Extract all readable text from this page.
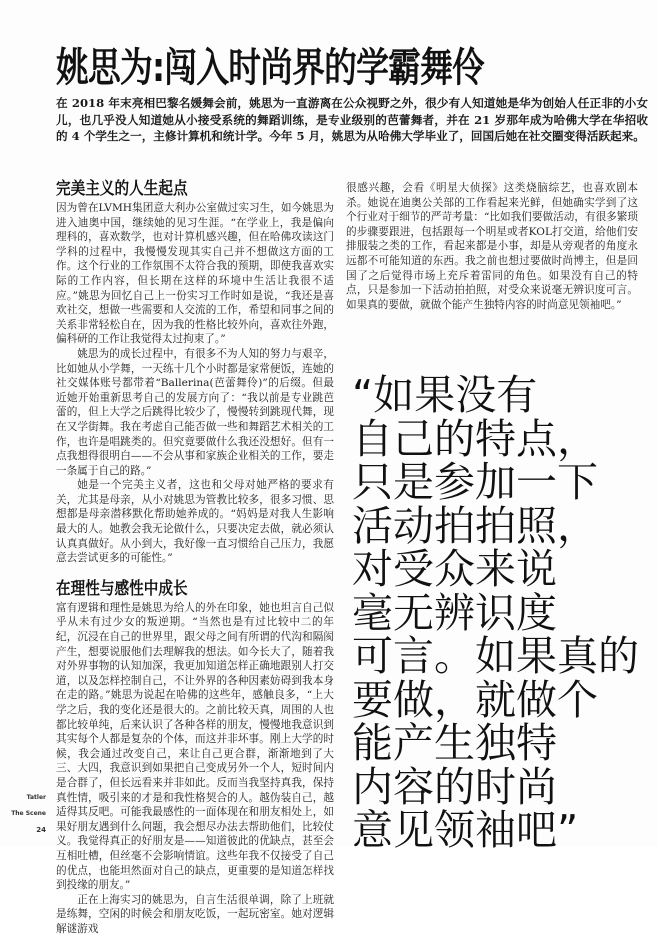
姚思为:闯入时尚界的学霸舞伶

在 2018 年末亮相巴黎名媛舞会前，姚思为一直游离在公众视野之外，很少有人知道她是华为创始人任正非的小女儿，也几乎没人知道她从小接受系统的舞蹈训练，是专业级别的芭蕾舞者，并在 21 岁那年成为哈佛大学在华招收的 4 个学生之一，主修计算机和统计学。今年 5 月，姚思为从哈佛大学毕业了，回国后她在社交圈变得活跃起来。

完美主义的人生起点

因为曾在LVMH集团意大利办公室做过实习生，如今姚思为进入迪奥中国，继续她的见习生涯。“在学业上，我是偏向理科的，喜欢数学，也对计算机感兴趣，但在哈佛攻读这门学科的过程中，我慢慢发现其实自己并不想做这方面的工作。这个行业的工作氛围不太符合我的预期，即使我喜欢实际的工作内容，但长期在这样的环境中生活让我很不适应。”姚思为回忆自己上一份实习工作时如是说，“我还是喜欢社交，想做一些需要和人交流的工作，希望和同事之间的关系非常轻松自在，因为我的性格比较外向，喜欢往外跑，偏科研的工作让我觉得太过拘束了。”

姚思为的成长过程中，有很多不为人知的努力与艰辛，比如她从小学舞，一天练十几个小时都是家常便饭，连她的社交媒体账号都带着“Ballerina(芭蕾舞伶)”的后缀。但最近她开始重新思考自己的发展方向了：“我以前是专业跳芭蕾的，但上大学之后跳得比较少了，慢慢转到跳现代舞，现在又学街舞。我在考虑自己能否做一些和舞蹈艺术相关的工作，也许是唱跳类的。但究竟要做什么我还没想好。但有一点我想得很明白——不会从事和家族企业相关的工作，要走一条属于自己的路。”

她是一个完美主义者，这也和父母对她严格的要求有关，尤其是母亲，从小对姚思为管教比较多，很多习惯、思想都是母亲潜移默化帮助她养成的。“妈妈是对我人生影响最大的人。她教会我无论做什么，只要决定去做，就必须认认真真做好。从小到大，我好像一直习惯给自己压力，我愿意去尝试更多的可能性。”

在理性与感性中成长

富有逻辑和理性是姚思为给人的外在印象，她也坦言自己似乎从未有过少女的叛逆期。“当然也是有过比较中二的年纪，沉浸在自己的世界里，跟父母之间有所谓的代沟和隔阂产生，想要说服他们去理解我的想法。如今长大了，随着我对外界事物的认知加深，我更加知道怎样正确地跟别人打交道，以及怎样控制自己，不让外界的各种因素妨碍到我本身在走的路。”姚思为说起在哈佛的这些年，感触良多，“上大学之后，我的变化还是很大的。之前比较天真，周围的人也都比较单纯，后来认识了各种各样的朋友，慢慢地我意识到其实每个人都是复杂的个体，而这并非坏事。刚上大学的时候，我会通过改变自己，来让自己更合群，渐渐地到了大三、大四，我意识到如果把自己变成另外一个人，短时间内是合群了，但长远看来并非如此。反而当我坚持真我，保持真性情，吸引来的才是和我性格契合的人。越伪装自己，越适得其反吧。可能我最感性的一面体现在和朋友相处上，如果好朋友遇到什么问题，我会想尽办法去帮助他们，比较仗义。我觉得真正的好朋友是——知道彼此的优缺点，甚至会互相吐槽，但丝毫不会影响情谊。这些年我不仅接受了自己的优点，也能坦然面对自己的缺点，更重要的是知道怎样找到投缘的朋友。”

正在上海实习的姚思为，自言生活很单调，除了上班就是练舞，空闲的时候会和朋友吃饭，一起玩密室。她对逻辑解谜游戏

很感兴趣，会看《明星大侦探》这类烧脑综艺，也喜欢剧本杀。她说在迪奥公关部的工作看起来光鲜，但她确实学到了这个行业对于细节的严苛考量：“比如我们要做活动，有很多繁琐的步骤要跟进，包括跟每一个明星或者KOL打交道，给他们安排服装之类的工作，看起来都是小事，却是从旁观者的角度永远都不可能知道的东西。我之前也想过要做时尚博主，但是回国了之后觉得市场上充斥着雷同的角色。如果没有自己的特点，只是参加一下活动拍拍照，对受众来说毫无辨识度可言。如果真的要做，就做个能产生独特内容的时尚意见领袖吧。”

“如果没有
自己的特点，
只是参加一下
活动拍拍照，
对受众来说
毫无辨识度
可言。如果真的
要做，就做个
能产生独特
内容的时尚
意见领袖吧”
Tatler
The Scene
24
